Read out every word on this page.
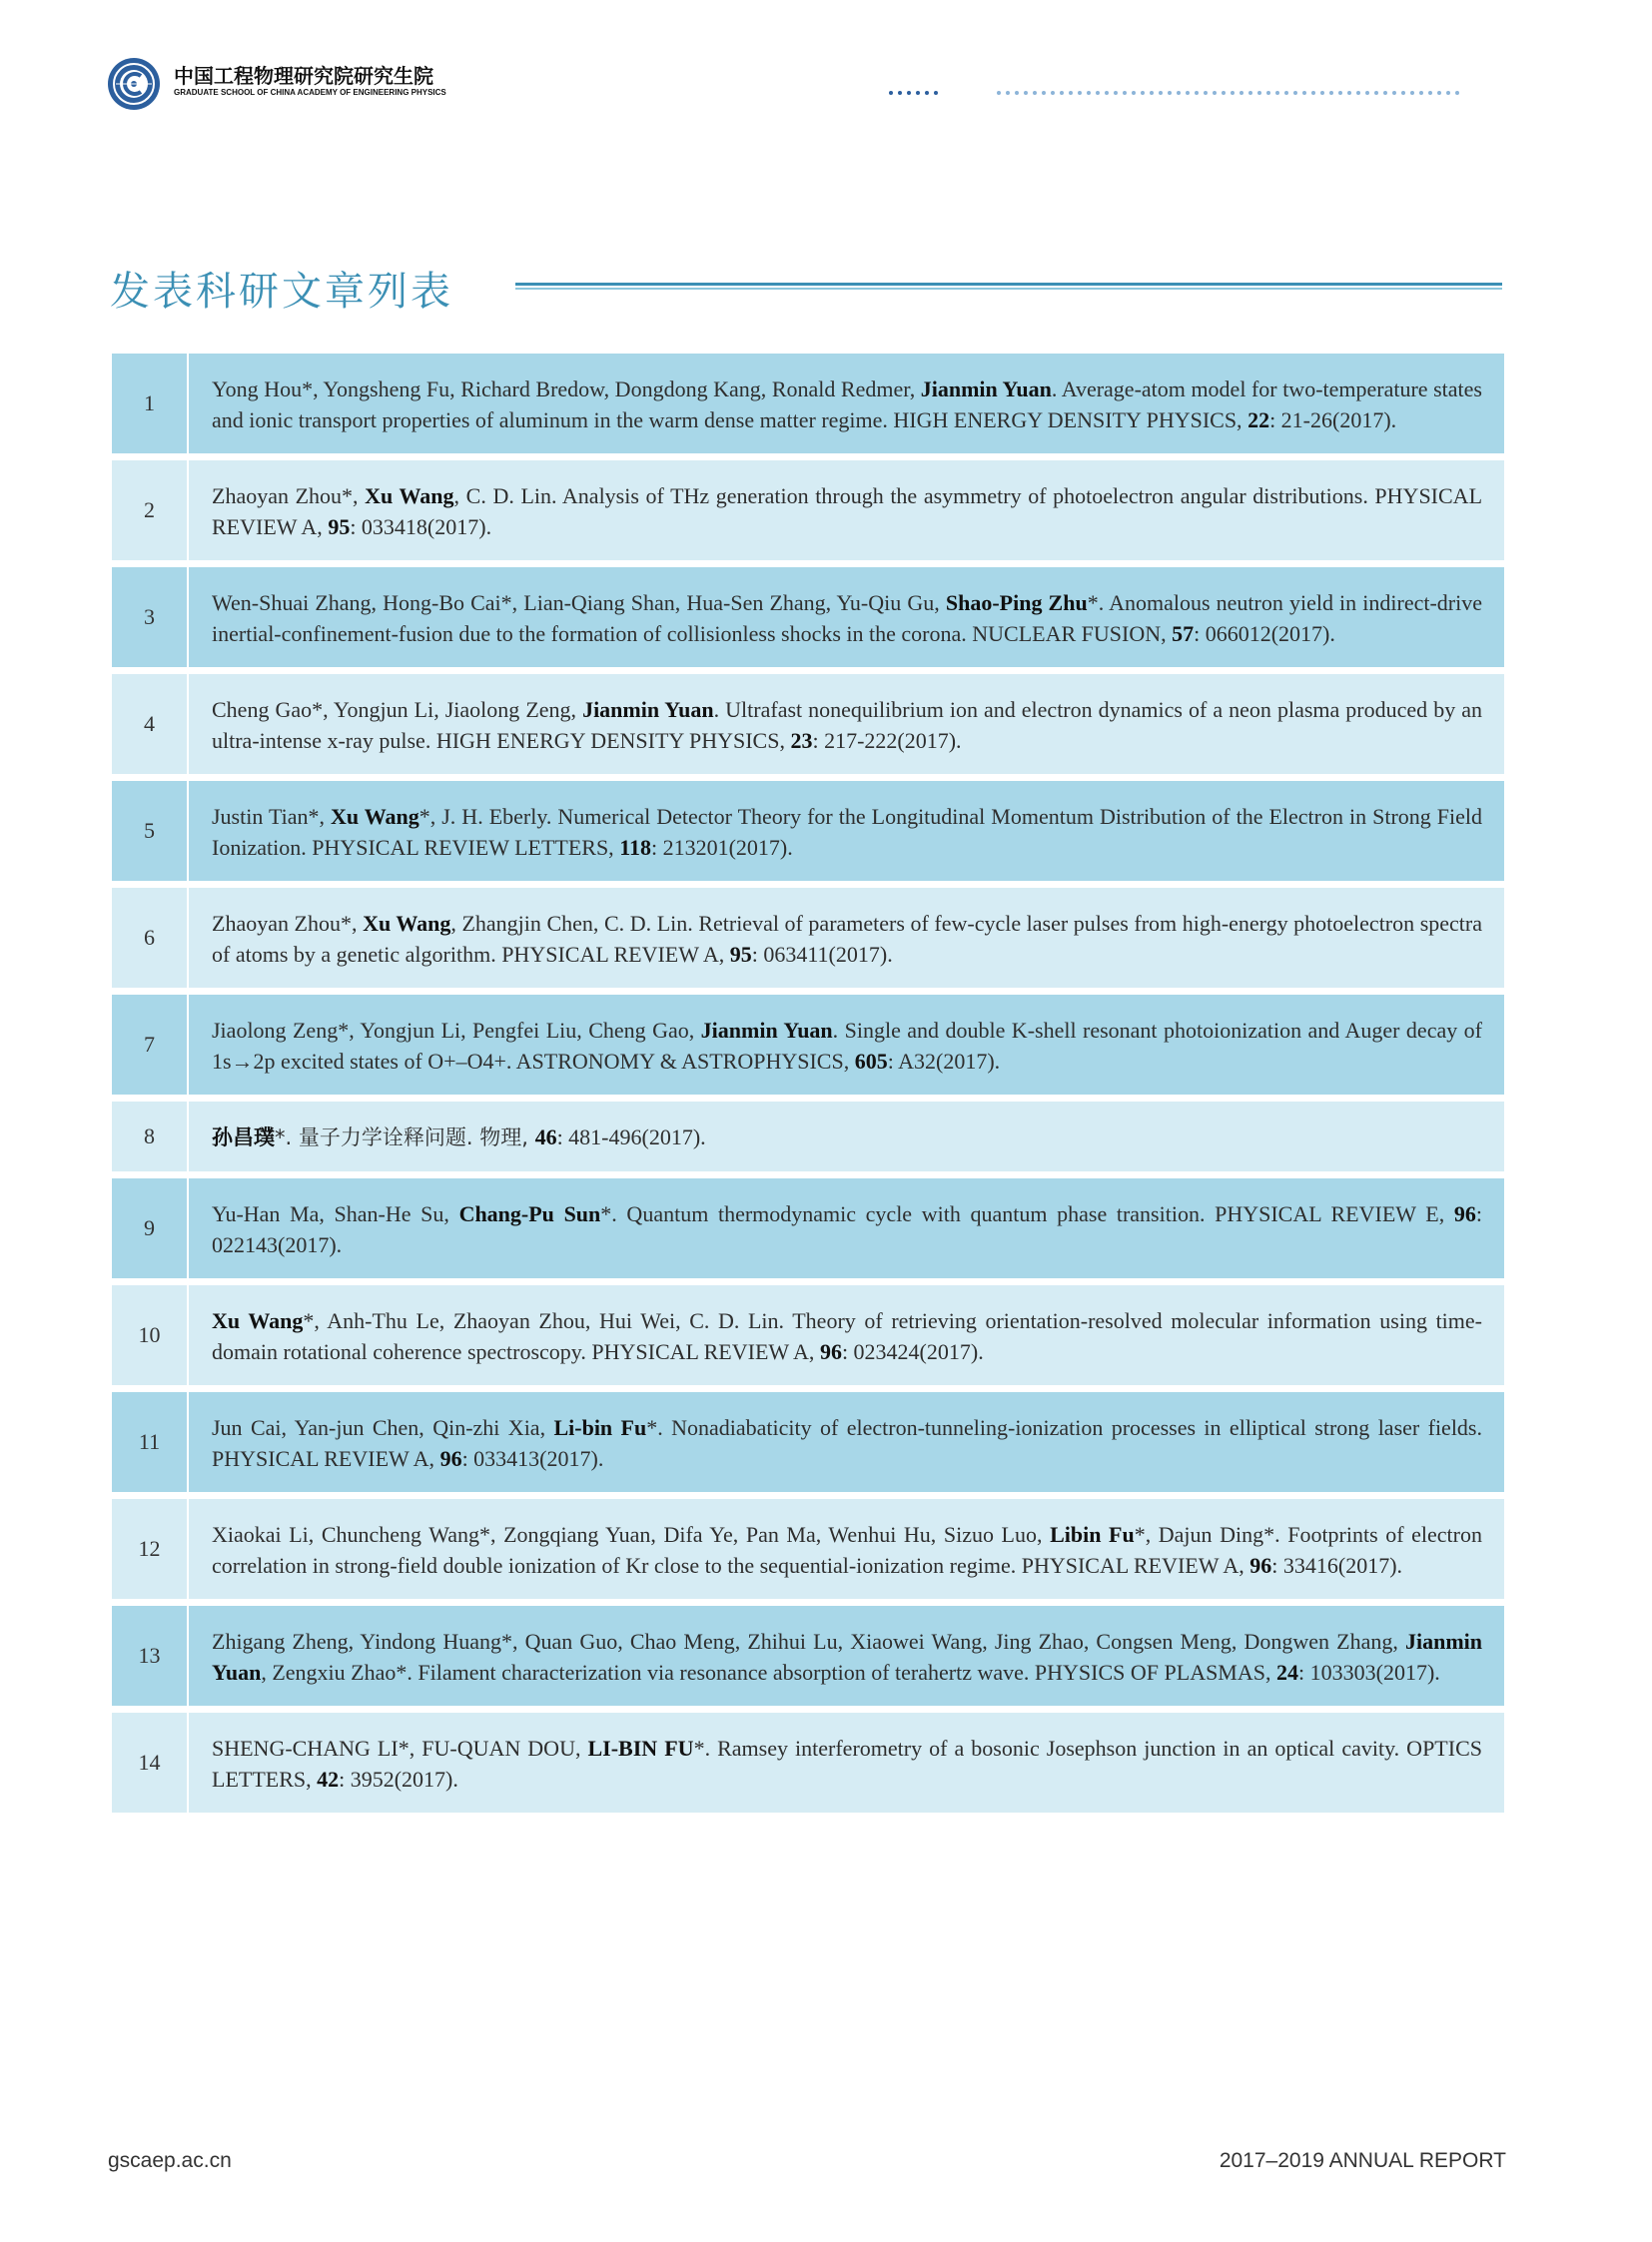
中国工程物理研究院研究生院
GRADUATE SCHOOL OF CHINA ACADEMY OF ENGINEERING PHYSICS
发表科研文章列表
1
Yong Hou*, Yongsheng Fu, Richard Bredow, Dongdong Kang, Ronald Redmer, Jianmin Yuan. Average-atom model for two-temperature states and ionic transport properties of aluminum in the warm dense matter regime. HIGH ENERGY DENSITY PHYSICS, 22: 21-26(2017).
2
Zhaoyan Zhou*, Xu Wang, C. D. Lin. Analysis of THz generation through the asymmetry of photoelectron angular distributions. PHYSICAL REVIEW A, 95: 033418(2017).
3
Wen-Shuai Zhang, Hong-Bo Cai*, Lian-Qiang Shan, Hua-Sen Zhang, Yu-Qiu Gu, Shao-Ping Zhu*. Anomalous neutron yield in indirect-drive inertial-confinement-fusion due to the formation of collisionless shocks in the corona. NUCLEAR FUSION, 57: 066012(2017).
4
Cheng Gao*, Yongjun Li, Jiaolong Zeng, Jianmin Yuan. Ultrafast nonequilibrium ion and electron dynamics of a neon plasma produced by an ultra-intense x-ray pulse. HIGH ENERGY DENSITY PHYSICS, 23: 217-222(2017).
5
Justin Tian*, Xu Wang*, J. H. Eberly. Numerical Detector Theory for the Longitudinal Momentum Distribution of the Electron in Strong Field Ionization. PHYSICAL REVIEW LETTERS, 118: 213201(2017).
6
Zhaoyan Zhou*, Xu Wang, Zhangjin Chen, C. D. Lin. Retrieval of parameters of few-cycle laser pulses from high-energy photoelectron spectra of atoms by a genetic algorithm. PHYSICAL REVIEW A, 95: 063411(2017).
7
Jiaolong Zeng*, Yongjun Li, Pengfei Liu, Cheng Gao, Jianmin Yuan. Single and double K-shell resonant photoionization and Auger decay of 1s→2p excited states of O+–O4+. ASTRONOMY & ASTROPHYSICS, 605: A32(2017).
8	孙昌璞*. 量子力学诠释问题. 物理, 46: 481-496(2017).
9
Yu-Han Ma, Shan-He Su, Chang-Pu Sun*. Quantum thermodynamic cycle with quantum phase transition. PHYSICAL REVIEW E, 96: 022143(2017).
10
Xu Wang*, Anh-Thu Le, Zhaoyan Zhou, Hui Wei, C. D. Lin. Theory of retrieving orientation-resolved molecular information using time-domain rotational coherence spectroscopy. PHYSICAL REVIEW A, 96: 023424(2017).
11
Jun Cai, Yan-jun Chen, Qin-zhi Xia, Li-bin Fu*. Nonadiabaticity of electron-tunneling-ionization processes in elliptical strong laser fields. PHYSICAL REVIEW A, 96: 033413(2017).
12
Xiaokai Li, Chuncheng Wang*, Zongqiang Yuan, Difa Ye, Pan Ma, Wenhui Hu, Sizuo Luo, Libin Fu*, Dajun Ding*. Footprints of electron correlation in strong-field double ionization of Kr close to the sequential-ionization regime. PHYSICAL REVIEW A, 96: 33416(2017).
13
Zhigang Zheng, Yindong Huang*, Quan Guo, Chao Meng, Zhihui Lu, Xiaowei Wang, Jing Zhao, Congsen Meng, Dongwen Zhang, Jianmin Yuan, Zengxiu Zhao*. Filament characterization via resonance absorption of terahertz wave. PHYSICS OF PLASMAS, 24: 103303(2017).
14
SHENG-CHANG LI*, FU-QUAN DOU, LI-BIN FU*. Ramsey interferometry of a bosonic Josephson junction in an optical cavity. OPTICS LETTERS, 42: 3952(2017).
gscaep.ac.cn	2017–2019 ANNUAL REPORT
